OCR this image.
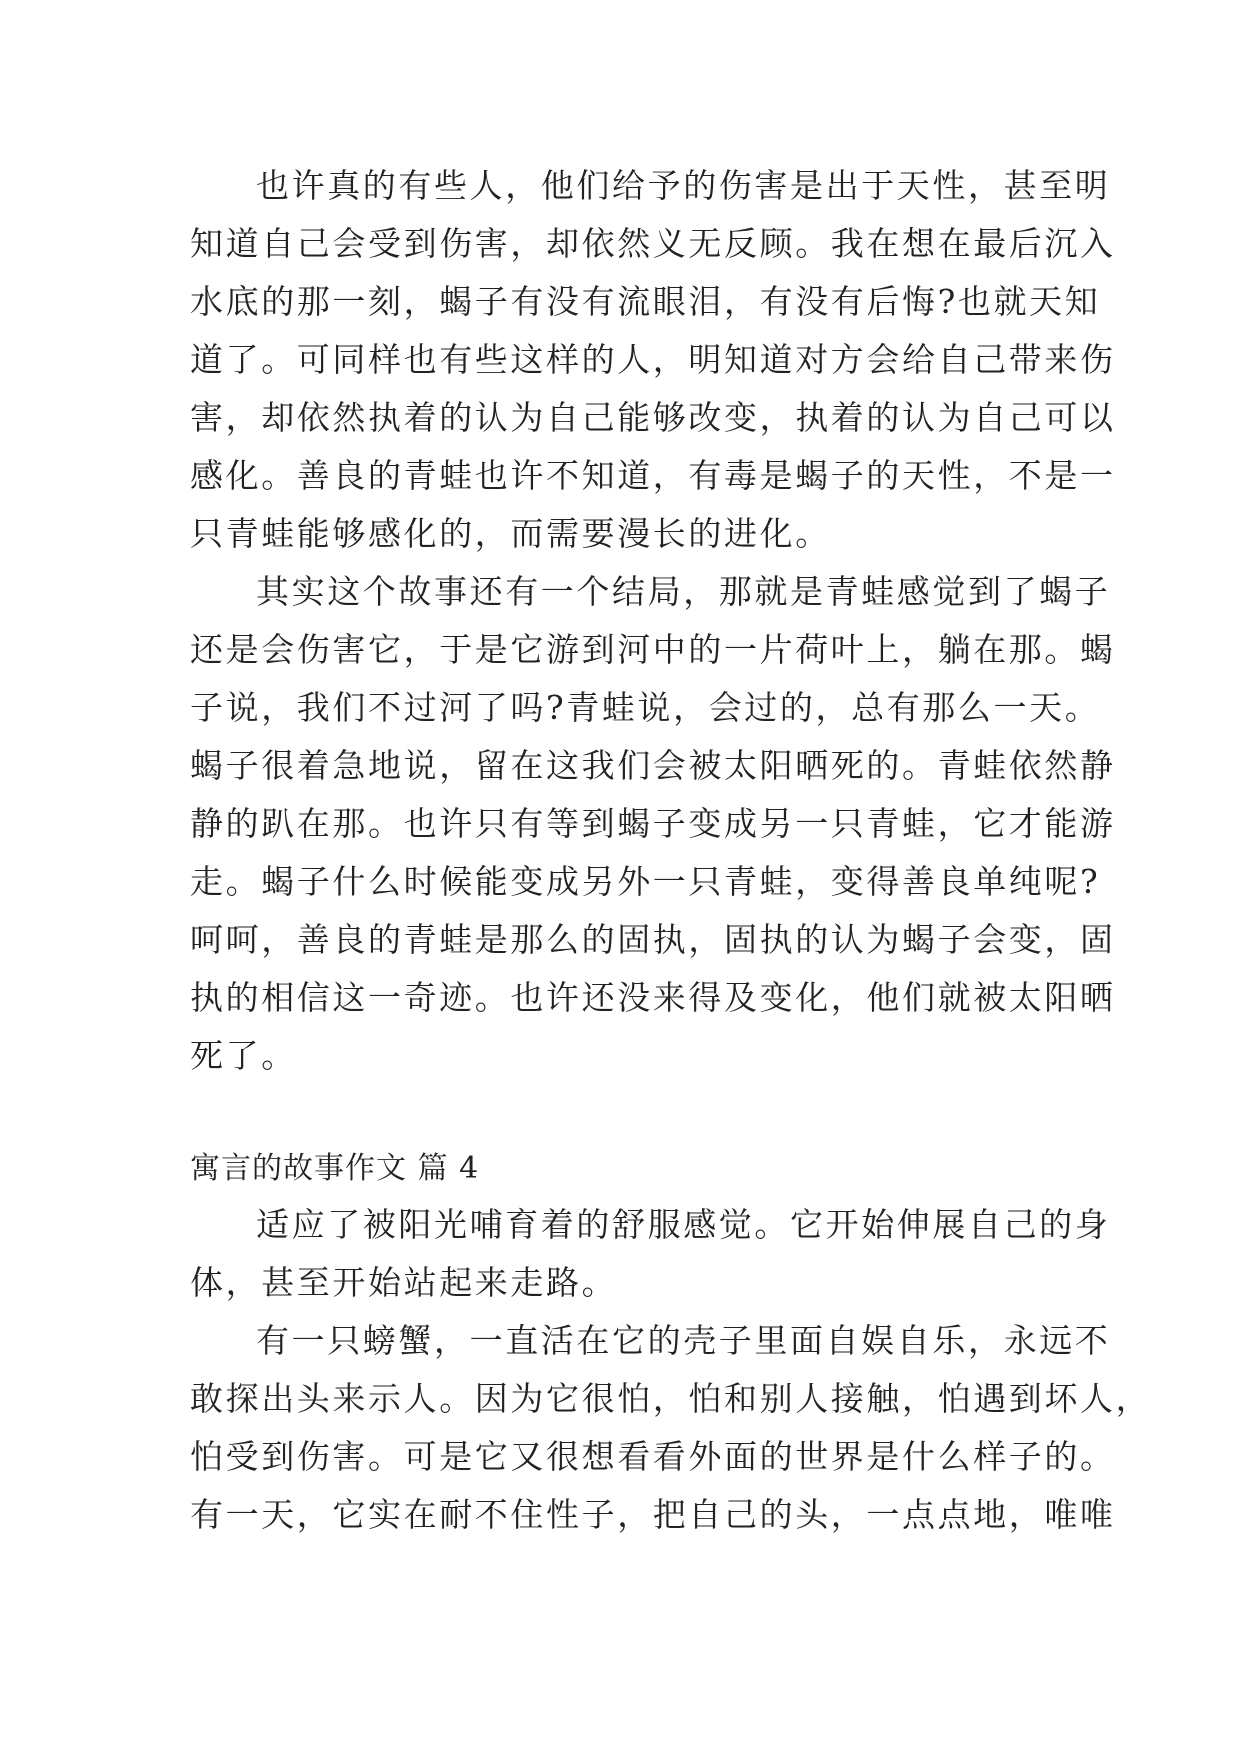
也许真的有些人，他们给予的伤害是出于天性，甚至明
知道自己会受到伤害，却依然义无反顾。我在想在最后沉入
水底的那一刻，蝎子有没有流眼泪，有没有后悔?也就天知
道了。可同样也有些这样的人，明知道对方会给自己带来伤
害，却依然执着的认为自己能够改变，执着的认为自己可以
感化。善良的青蛙也许不知道，有毒是蝎子的天性，不是一
只青蛙能够感化的，而需要漫长的进化。
其实这个故事还有一个结局，那就是青蛙感觉到了蝎子
还是会伤害它，于是它游到河中的一片荷叶上，躺在那。蝎
子说，我们不过河了吗?青蛙说，会过的，总有那么一天。
蝎子很着急地说，留在这我们会被太阳晒死的。青蛙依然静
静的趴在那。也许只有等到蝎子变成另一只青蛙，它才能游
走。蝎子什么时候能变成另外一只青蛙，变得善良单纯呢?
呵呵，善良的青蛙是那么的固执，固执的认为蝎子会变，固
执的相信这一奇迹。也许还没来得及变化，他们就被太阳晒
死了。
寓言的故事作文 篇 4
适应了被阳光哺育着的舒服感觉。它开始伸展自己的身
体，甚至开始站起来走路。
有一只螃蟹，一直活在它的壳子里面自娱自乐，永远不
敢探出头来示人。因为它很怕，怕和别人接触，怕遇到坏人，
怕受到伤害。可是它又很想看看外面的世界是什么样子的。
有一天，它实在耐不住性子，把自己的头，一点点地，唯唯
